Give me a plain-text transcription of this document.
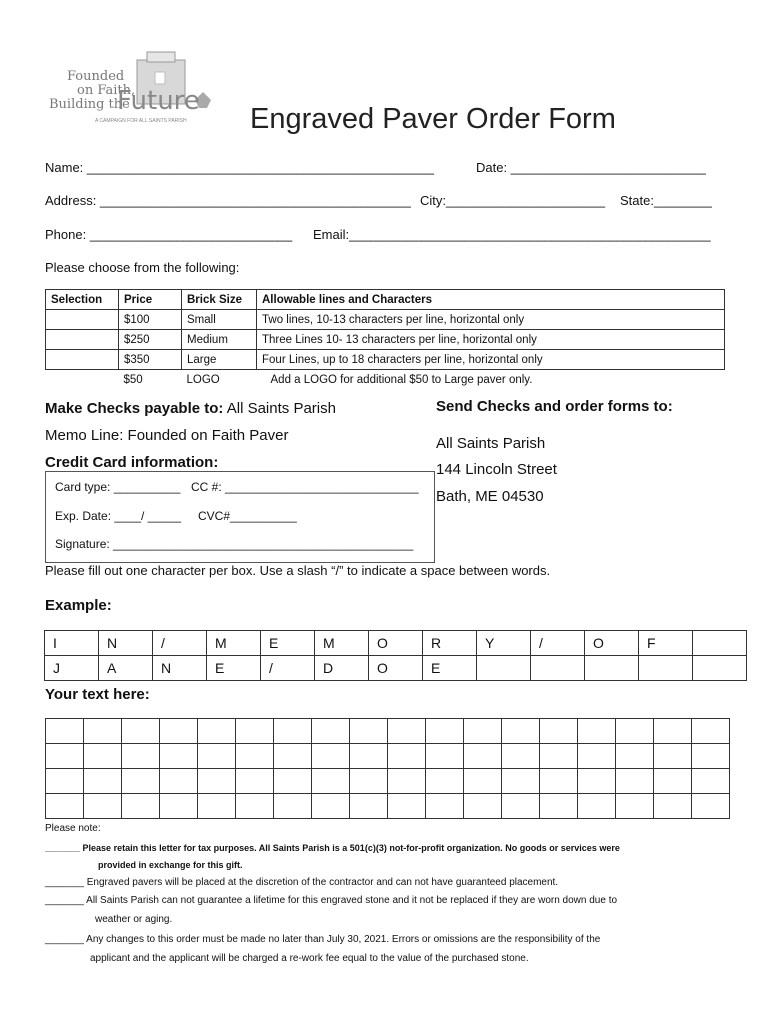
Founded
on Faith,
Building the
Future
A CAMPAIGN FOR ALL SAINTS PARISH Engraved Paver Order Form
Name: ________________________________________________	Date: ___________________________
Address: ___________________________________________ City:______________________ State:________
Phone: ____________________________ Email:__________________________________________________
Please choose from the following:
Selection	Price	Brick Size	Allowable lines and Characters
	$100	Small	Two lines, 10-13 characters per line, horizontal only
	$250	Medium	Three Lines 10- 13 characters per line, horizontal only
	$350	Large	Four Lines, up to 18 characters per line, horizontal only
	$50	LOGO	Add a LOGO for additional $50 to Large paver only.
Make Checks payable to: All Saints Parish
Memo Line: Founded on Faith Paver
Credit Card information:
Card type: __________ CC #: _____________________________
Exp. Date: ____/ _____ CVC#__________
Signature: _____________________________________________
Send Checks and order forms to:
All Saints Parish
144 Lincoln Street
Bath, ME 04530
Please fill out one character per box. Use a slash “/” to indicate a space between words.
Example:
I	N	/	M	E	M	O	R	Y	/	O	F	
J	A	N	E	/	D	O	E					
Your text here:

Please note:
_______ Please retain this letter for tax purposes. All Saints Parish is a 501(c)(3) not-for-profit organization. No goods or services were
provided in exchange for this gift.
_______ Engraved pavers will be placed at the discretion of the contractor and can not have guaranteed placement.
_______ All Saints Parish can not guarantee a lifetime for this engraved stone and it not be replaced if they are worn down due to
weather or aging.
_______ Any changes to this order must be made no later than July 30, 2021. Errors or omissions are the responsibility of the
applicant and the applicant will be charged a re-work fee equal to the value of the purchased stone.
